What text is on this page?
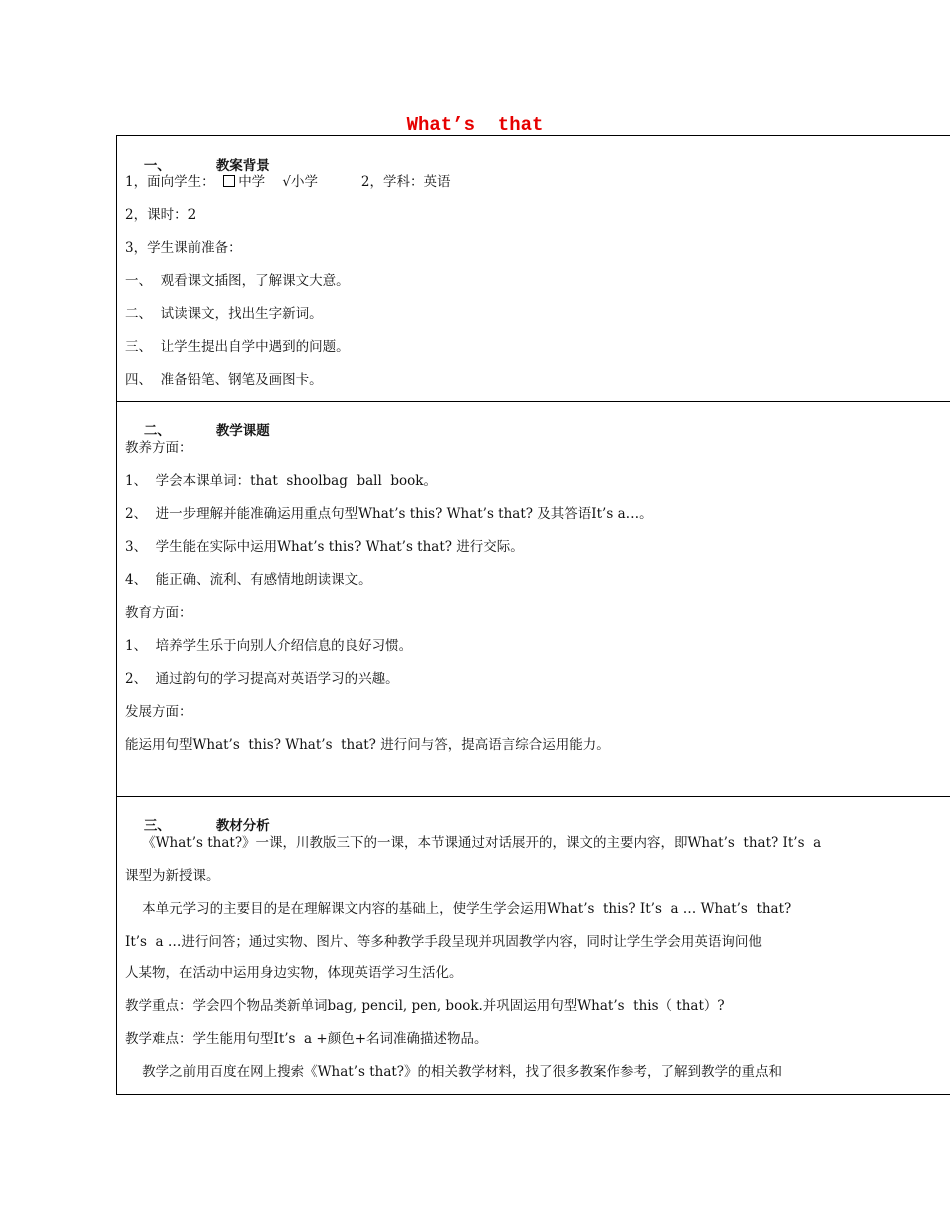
What’s  that

一、	教案背景

1，面向学生： 中学 √小学	2，学科：英语
2，课时：2
3，学生课前准备：
一、  观看课文插图，了解课文大意。
二、  试读课文，找出生字新词。
三、  让学生提出自学中遇到的问题。
四、  准备铅笔、钢笔及画图卡。

二、	教学课题

教养方面：
1、  学会本课单词：that  shoolbag  ball  book。
2、  进一步理解并能准确运用重点句型What’s this? What’s that? 及其答语It’s a…。
3、  学生能在实际中运用What’s this? What’s that? 进行交际。
4、  能正确、流利、有感情地朗读课文。
教育方面：
1、  培养学生乐于向别人介绍信息的良好习惯。
2、  通过韵句的学习提高对英语学习的兴趣。
发展方面：
能运用句型What’s  this? What’s  that? 进行问与答，提高语言综合运用能力。

三、	教材分析

《What’s that?》一课，川教版三下的一课，本节课通过对话展开的，课文的主要内容，即What’s  that? It’s  a
课型为新授课。
本单元学习的主要目的是在理解课文内容的基础上，使学生学会运用What’s  this? It’s  a … What’s  that?
It’s  a …进行问答；通过实物、图片、等多种教学手段呈现并巩固教学内容，同时让学生学会用英语询问他
人某物，在活动中运用身边实物，体现英语学习生活化。
教学重点：学会四个物品类新单词bag, pencil, pen, book.并巩固运用句型What’s  this（ that）?
教学难点：学生能用句型It’s  a +颜色+名词准确描述物品。
教学之前用百度在网上搜索《What’s that?》的相关教学材料，找了很多教案作参考，了解到教学的重点和
